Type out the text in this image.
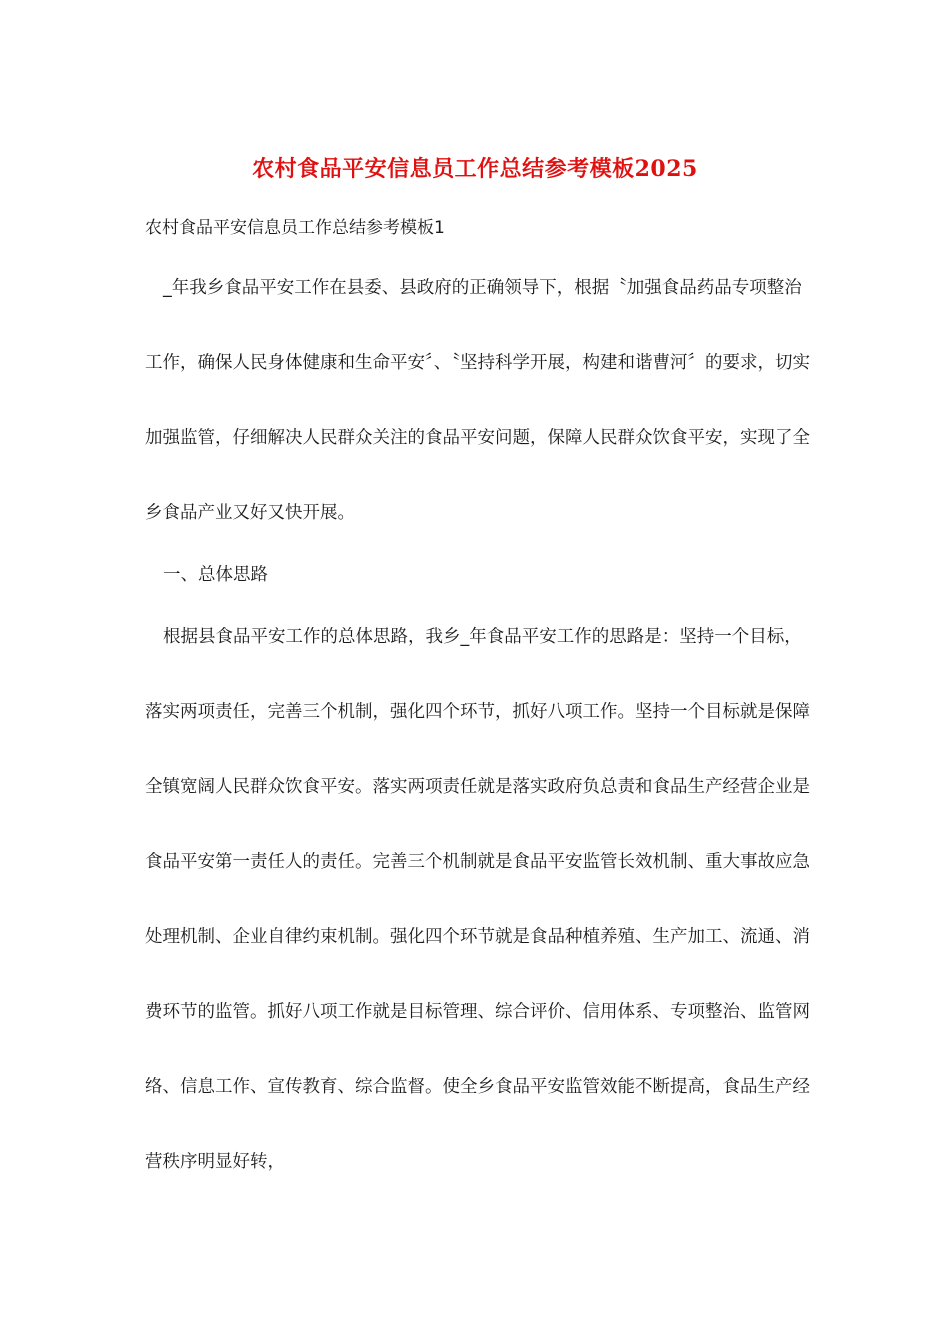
农村食品平安信息员工作总结参考模板2025
农村食品平安信息员工作总结参考模板1

_年我乡食品平安工作在县委、县政府的正确领导下，根据〝加强食品药品专项整治工作，确保人民身体健康和生命平安〞、〝坚持科学开展，构建和谐曹河〞的要求，切实加强监管，仔细解决人民群众关注的食品平安问题，保障人民群众饮食平安，实现了全乡食品产业又好又快开展。

一、总体思路

根据县食品平安工作的总体思路，我乡_年食品平安工作的思路是：坚持一个目标，落实两项责任，完善三个机制，强化四个环节，抓好八项工作。坚持一个目标就是保障全镇宽阔人民群众饮食平安。落实两项责任就是落实政府负总责和食品生产经营企业是食品平安第一责任人的责任。完善三个机制就是食品平安监管长效机制、重大事故应急处理机制、企业自律约束机制。强化四个环节就是食品种植养殖、生产加工、流通、消费环节的监管。抓好八项工作就是目标管理、综合评价、信用体系、专项整治、监管网络、信息工作、宣传教育、综合监督。使全乡食品平安监管效能不断提高，食品生产经营秩序明显好转，
